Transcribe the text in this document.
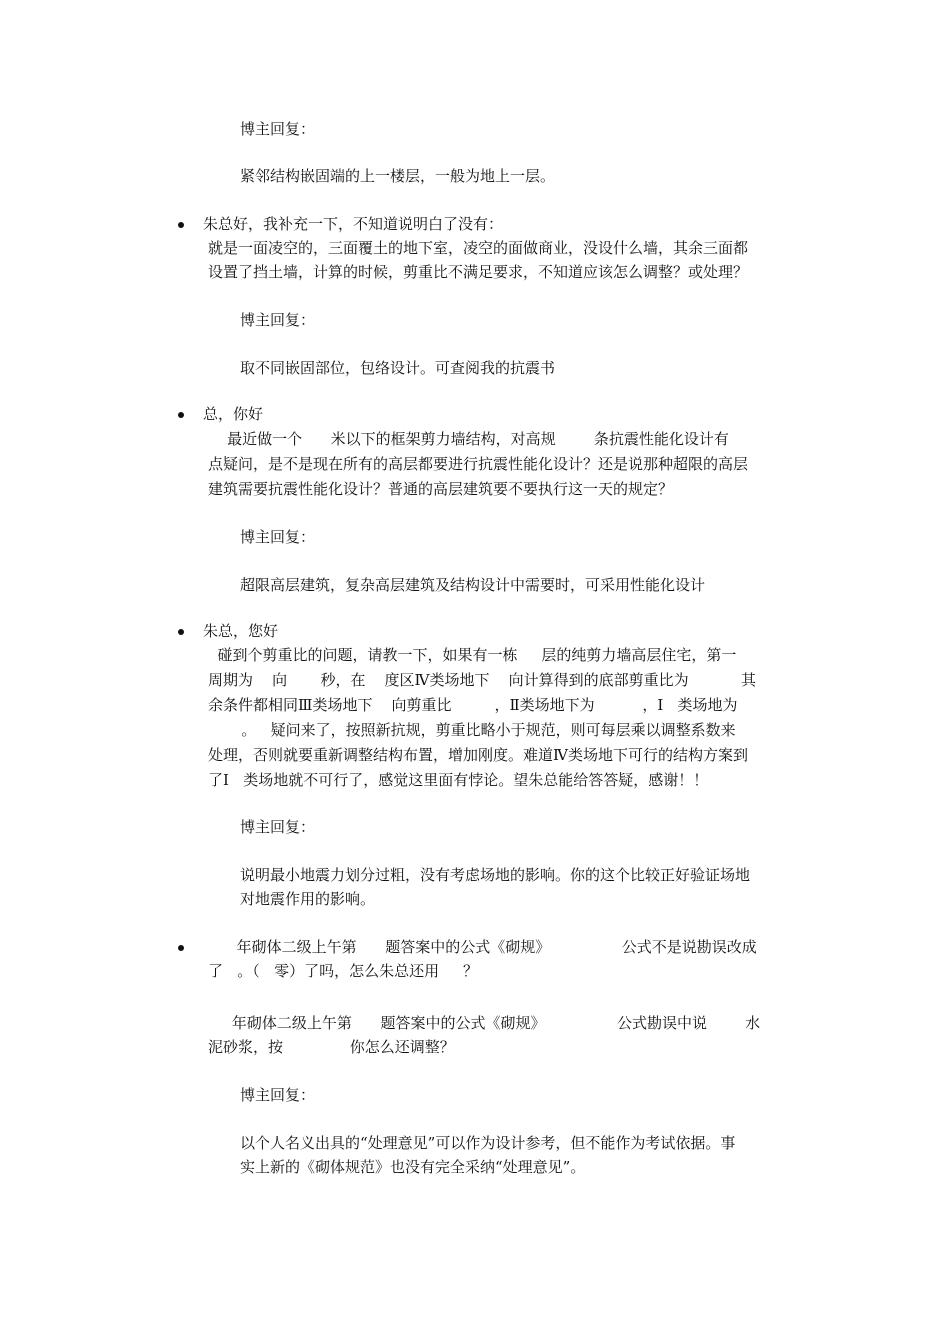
博主回复：
紧邻结构嵌固端的上一楼层，一般为地上一层。
朱总好，我补充一下，不知道说明白了没有：
就是一面凌空的，三面覆土的地下室，凌空的面做商业，没设什么墙，其余三面都
设置了挡土墙，计算的时候，剪重比不满足要求，不知道应该怎么调整？或处理？
博主回复：
取不同嵌固部位，包络设计。可查阅我的抗震书
总，你好
最近做一个      米以下的框架剪力墙结构，对高规        条抗震性能化设计有
点疑问，是不是现在所有的高层都要进行抗震性能化设计？还是说那种超限的高层
建筑需要抗震性能化设计？普通的高层建筑要不要执行这一天的规定？
博主回复：
超限高层建筑，复杂高层建筑及结构设计中需要时，可采用性能化设计
朱总，您好
碰到个剪重比的问题，请教一下，如果有一栋     层的纯剪力墙高层住宅，第一
周期为    向       秒，在    度区Ⅳ类场地下    向计算得到的底部剪重比为           其
余条件都相同Ⅲ类场地下    向剪重比         ，Ⅱ类场地下为          ，Ⅰ   类场地为
。   疑问来了，按照新抗规，剪重比略小于规范，则可每层乘以调整系数来
处理，否则就要重新调整结构布置，增加刚度。难道Ⅳ类场地下可行的结构方案到
了Ⅰ   类场地就不可行了，感觉这里面有悖论。望朱总能给答答疑，感谢！！
博主回复：
说明最小地震力划分过粗，没有考虑场地的影响。你的这个比较正好验证场地
对地震作用的影响。
年砌体二级上午第      题答案中的公式《砌规》               公式不是说勘误改成
了   。（   零）了吗，怎么朱总还用     ？
年砌体二级上午第      题答案中的公式《砌规》               公式勘误中说        水
泥砂浆，按              你怎么还调整？
博主回复：
以个人名义出具的“处理意见”可以作为设计参考，但不能作为考试依据。事
实上新的《砌体规范》也没有完全采纳“处理意见”。
